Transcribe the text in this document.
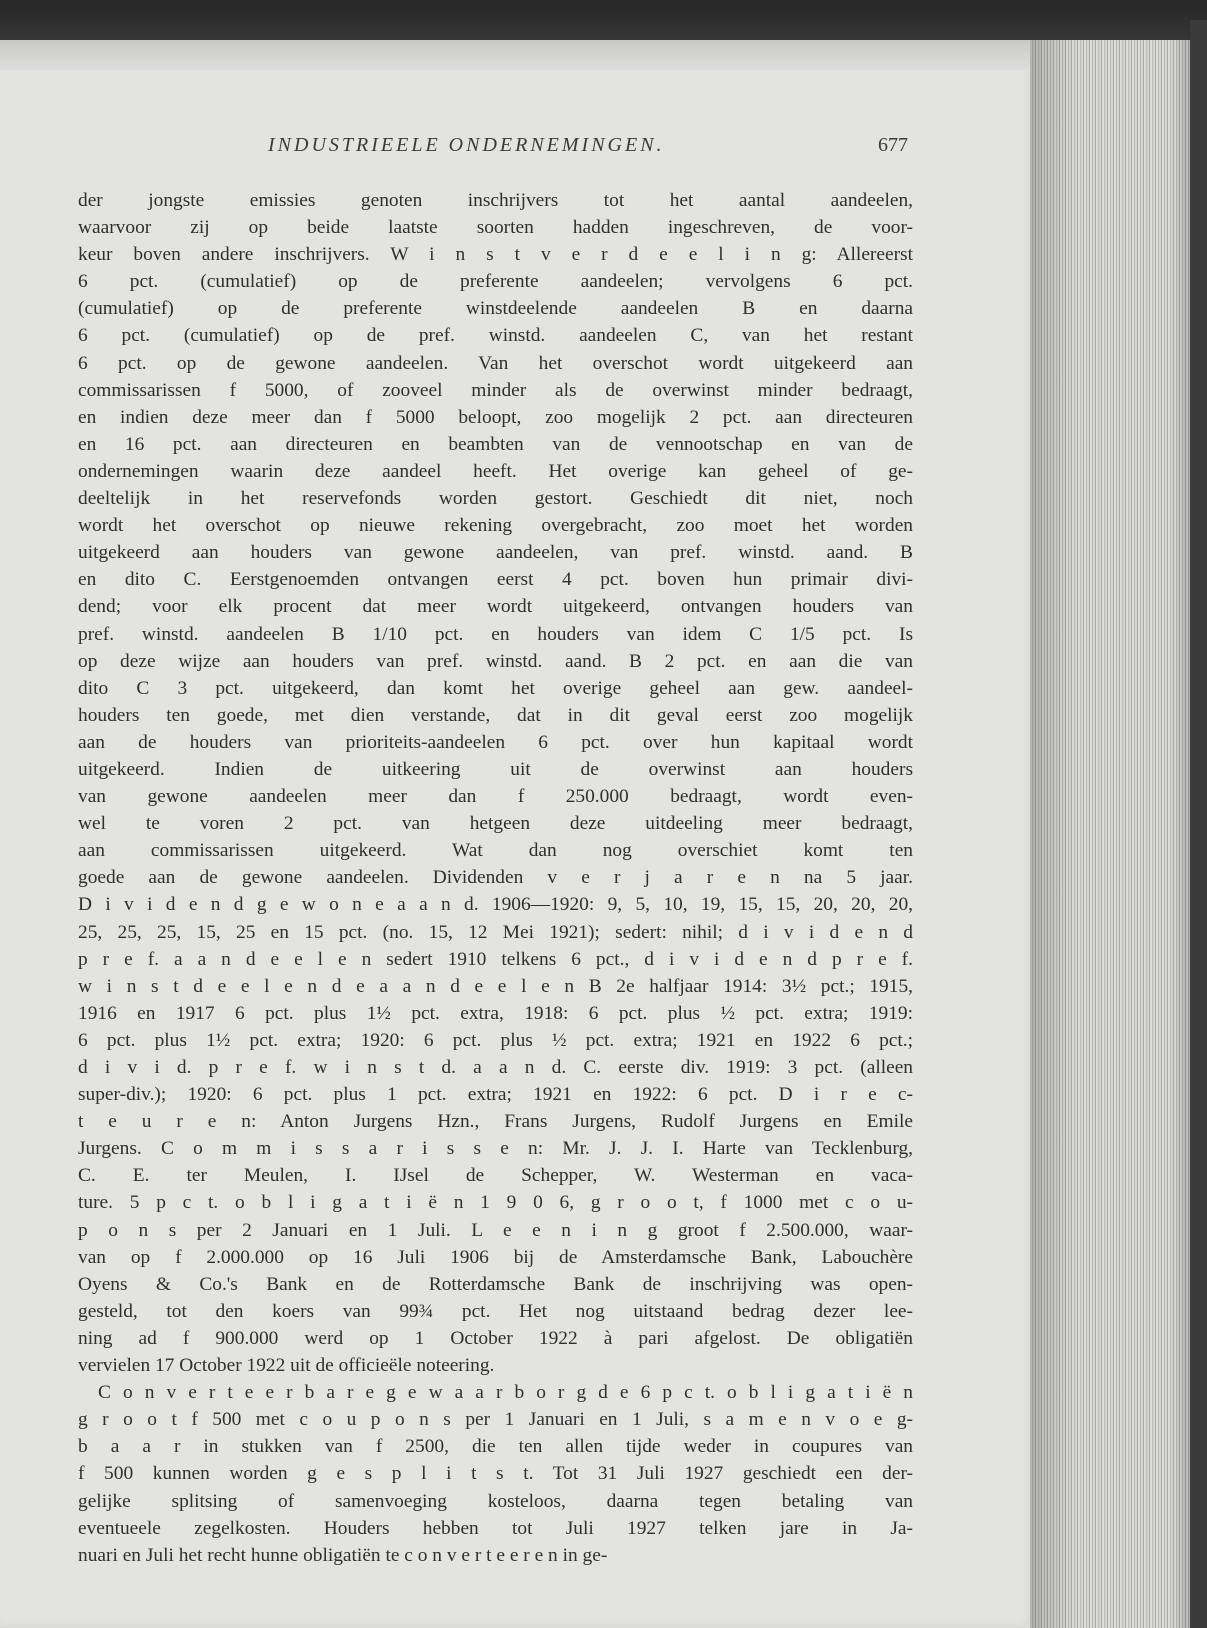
INDUSTRIEELE ONDERNEMINGEN.	677
der jongste emissies genoten inschrijvers tot het aantal aandeelen,
waarvoor zij op beide laatste soorten hadden ingeschreven, de voor-
keur boven andere inschrijvers. W i n s t v e r d e e l i n g: Allereerst
6 pct. (cumulatief) op de preferente aandeelen; vervolgens 6 pct.
(cumulatief) op de preferente winstdeelende aandeelen B en daarna
6 pct. (cumulatief) op de pref. winstd. aandeelen C, van het restant
6 pct. op de gewone aandeelen. Van het overschot wordt uitgekeerd aan
commissarissen f 5000, of zooveel minder als de overwinst minder bedraagt,
en indien deze meer dan f 5000 beloopt, zoo mogelijk 2 pct. aan directeuren
en 16 pct. aan directeuren en beambten van de vennootschap en van de
ondernemingen waarin deze aandeel heeft. Het overige kan geheel of ge-
deeltelijk in het reservefonds worden gestort. Geschiedt dit niet, noch
wordt het overschot op nieuwe rekening overgebracht, zoo moet het worden
uitgekeerd aan houders van gewone aandeelen, van pref. winstd. aand. B
en dito C. Eerstgenoemden ontvangen eerst 4 pct. boven hun primair divi-
dend; voor elk procent dat meer wordt uitgekeerd, ontvangen houders van
pref. winstd. aandeelen B 1/10 pct. en houders van idem C 1/5 pct. Is
op deze wijze aan houders van pref. winstd. aand. B 2 pct. en aan die van
dito C 3 pct. uitgekeerd, dan komt het overige geheel aan gew. aandeel-
houders ten goede, met dien verstande, dat in dit geval eerst zoo mogelijk
aan de houders van prioriteits-aandeelen 6 pct. over hun kapitaal wordt
uitgekeerd. Indien de uitkeering uit de overwinst aan houders
van gewone aandeelen meer dan f 250.000 bedraagt, wordt even-
wel te voren 2 pct. van hetgeen deze uitdeeling meer bedraagt,
aan commissarissen uitgekeerd. Wat dan nog overschiet komt ten
goede aan de gewone aandeelen. Dividenden v e r j a r e n na 5 jaar.
D i v i d e n d g e w o n e a a n d. 1906—1920: 9, 5, 10, 19, 15, 15, 20, 20, 20,
25, 25, 25, 15, 25 en 15 pct. (no. 15, 12 Mei 1921); sedert: nihil; d i v i d e n d
p r e f. a a n d e e l e n sedert 1910 telkens 6 pct., d i v i d e n d p r e f.
w i n s t d e e l e n d e a a n d e e l e n B 2e halfjaar 1914: 3½ pct.; 1915,
1916 en 1917 6 pct. plus 1½ pct. extra, 1918: 6 pct. plus ½ pct. extra; 1919:
6 pct. plus 1½ pct. extra; 1920: 6 pct. plus ½ pct. extra; 1921 en 1922 6 pct.;
d i v i d. p r e f. w i n s t d. a a n d. C. eerste div. 1919: 3 pct. (alleen
super-div.); 1920: 6 pct. plus 1 pct. extra; 1921 en 1922: 6 pct. D i r e c-
t e u r e n: Anton Jurgens Hzn., Frans Jurgens, Rudolf Jurgens en Emile
Jurgens. C o m m i s s a r i s s e n: Mr. J. J. I. Harte van Tecklenburg,
C. E. ter Meulen, I. IJsel de Schepper, W. Westerman en vaca-
ture. 5 p c t. o b l i g a t i ë n 1 9 0 6, g r o o t, f 1000 met c o u-
p o n s per 2 Januari en 1 Juli. L e e n i n g groot f 2.500.000, waar-
van op f 2.000.000 op 16 Juli 1906 bij de Amsterdamsche Bank, Labouchère
Oyens & Co.'s Bank en de Rotterdamsche Bank de inschrijving was open-
gesteld, tot den koers van 99¾ pct. Het nog uitstaand bedrag dezer lee-
ning ad f 900.000 werd op 1 October 1922 à pari afgelost. De obligatiën
vervielen 17 October 1922 uit de officieële noteering.
C o n v e r t e e r b a r e g e w a a r b o r g d e 6 p c t. o b l i g a t i ë n
g r o o t f 500 met c o u p o n s per 1 Januari en 1 Juli, s a m e n v o e g-
b a a r in stukken van f 2500, die ten allen tijde weder in coupures van
f 500 kunnen worden g e s p l i t s t. Tot 31 Juli 1927 geschiedt een der-
gelijke splitsing of samenvoeging kosteloos, daarna tegen betaling van
eventueele zegelkosten. Houders hebben tot Juli 1927 telken jare in Ja-
nuari en Juli het recht hunne obligatiën te c o n v e r t e e r e n in ge-
